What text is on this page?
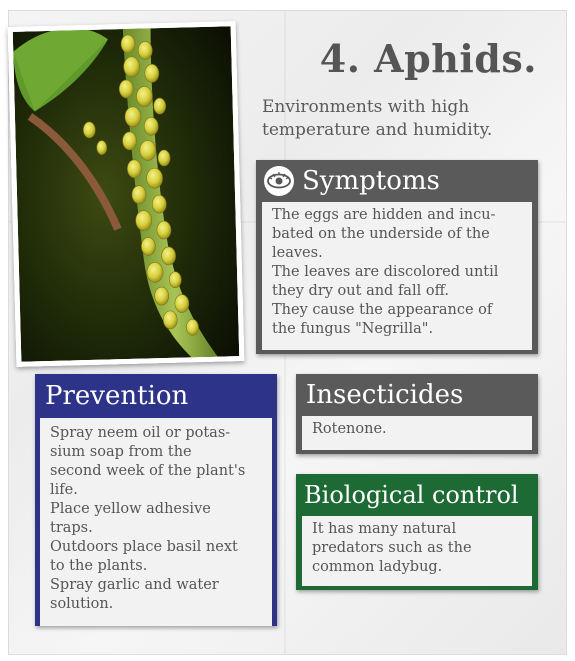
4. Aphids.
Environments with high
temperature and humidity.
Symptoms
The eggs are hidden and incu-
bated on the underside of the
leaves.
The leaves are discolored until
they dry out and fall off.
They cause the appearance of
the fungus "Negrilla".
Prevention
Spray neem oil or potas-
sium soap from the
second week of the plant's
life.
Place yellow adhesive
traps.
Outdoors place basil next
to the plants.
Spray garlic and water
solution.
Insecticides
Rotenone.
Biological control
It has many natural
predators such as the
common ladybug.
